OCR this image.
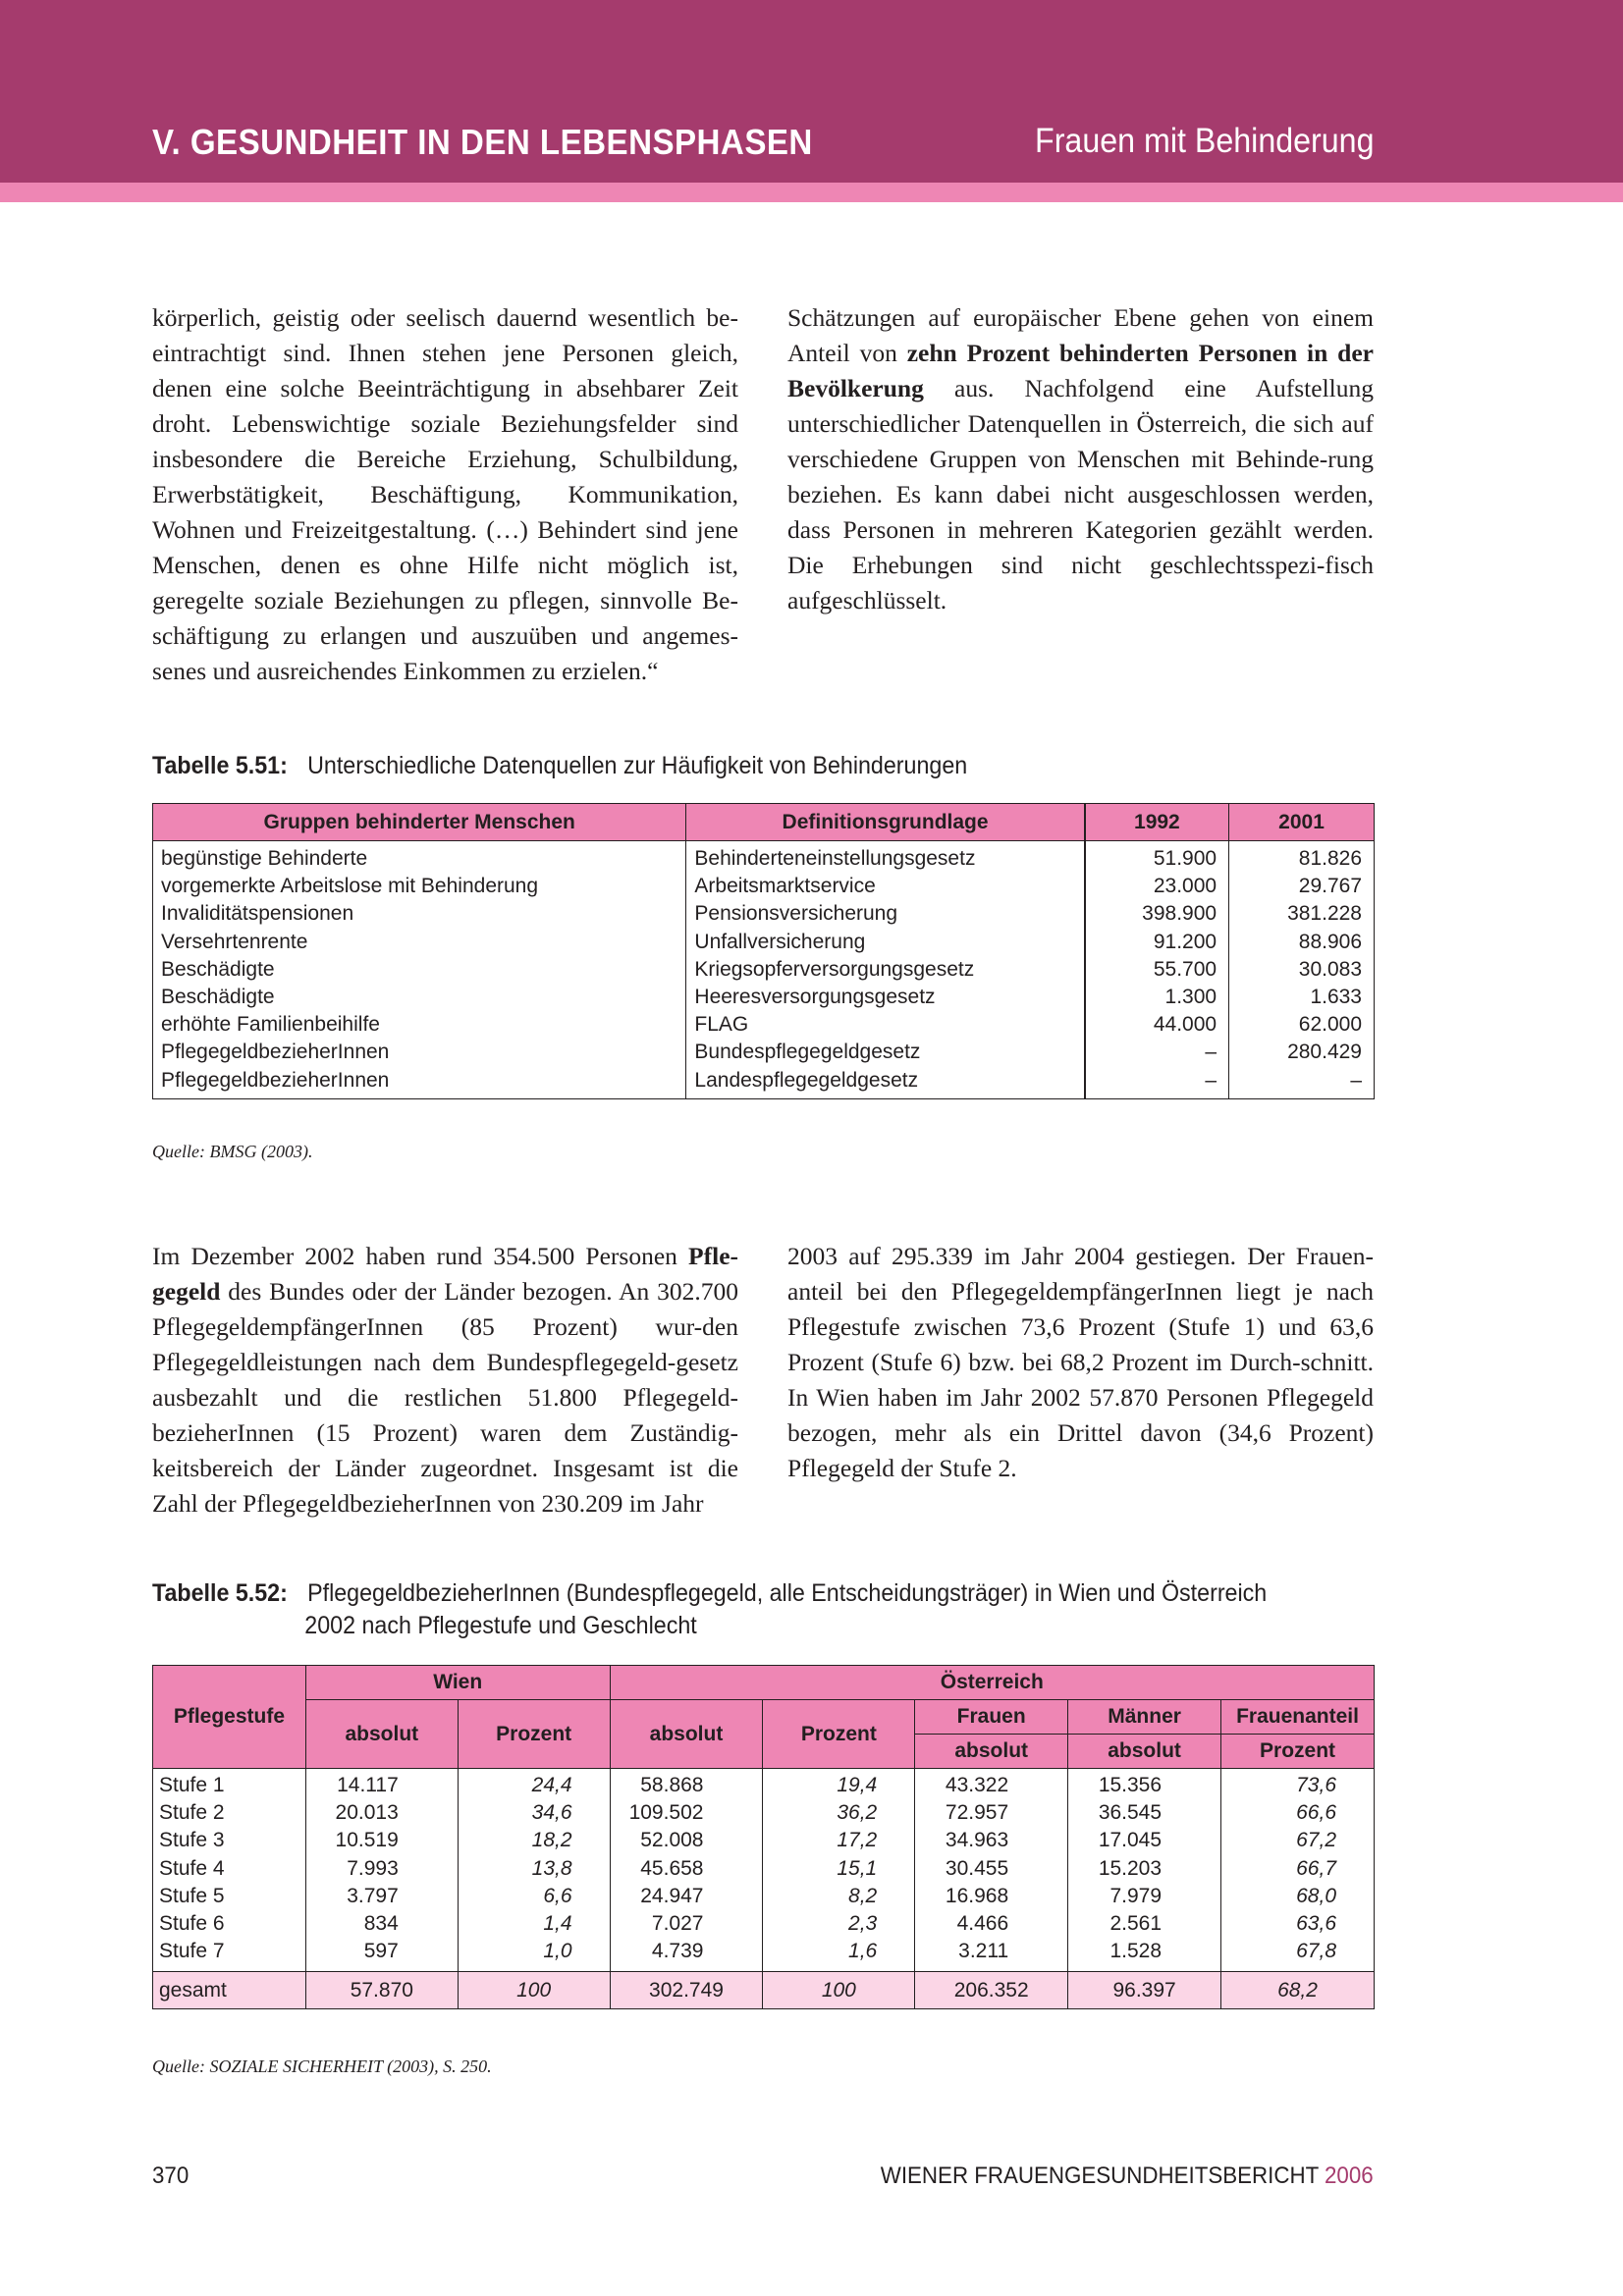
V. GESUNDHEIT IN DEN LEBENSPHASEN	Frauen mit Behinderung

körperlich, geistig oder seelisch dauernd wesentlich be-eintrachtigt sind. Ihnen stehen jene Personen gleich, denen eine solche Beeinträchtigung in absehbarer Zeit droht. Lebenswichtige soziale Beziehungsfelder sind insbesondere die Bereiche Erziehung, Schulbildung, Erwerbstätigkeit, Beschäftigung, Kommunikation, Wohnen und Freizeitgestaltung. (…) Behindert sind jene Menschen, denen es ohne Hilfe nicht möglich ist, geregelte soziale Beziehungen zu pflegen, sinnvolle Be-schäftigung zu erlangen und auszuüben und angemes-senes und ausreichendes Einkommen zu erzielen.“

Schätzungen auf europäischer Ebene gehen von einem Anteil von zehn Prozent behinderten Personen in der Bevölkerung aus. Nachfolgend eine Aufstellung unterschiedlicher Datenquellen in Österreich, die sich auf verschiedene Gruppen von Menschen mit Behinde-rung beziehen. Es kann dabei nicht ausgeschlossen werden, dass Personen in mehreren Kategorien gezählt werden. Die Erhebungen sind nicht geschlechtsspezi-fisch aufgeschlüsselt.

Tabelle 5.51: Unterschiedliche Datenquellen zur Häufigkeit von Behinderungen
Gruppen behinderter Menschen	Definitionsgrundlage	1992	2001
begünstige Behinderte	Behinderteneinstellungsgesetz	51.900	81.826
vorgemerkte Arbeitslose mit Behinderung	Arbeitsmarktservice	23.000	29.767
Invaliditätspensionen	Pensionsversicherung	398.900	381.228
Versehrtenrente	Unfallversicherung	91.200	88.906
Beschädigte	Kriegsopferversorgungsgesetz	55.700	30.083
Beschädigte	Heeresversorgungsgesetz	1.300	1.633
erhöhte Familienbeihilfe	FLAG	44.000	62.000
PflegegeldbezieherInnen	Bundespflegegeldgesetz	–	280.429
PflegegeldbezieherInnen	Landespflegegeldgesetz	–	–
Quelle: BMSG (2003).

Im Dezember 2002 haben rund 354.500 Personen Pfle-gegeld des Bundes oder der Länder bezogen. An 302.700 PflegegeldempfängerInnen (85 Prozent) wur-den Pflegegeldleistungen nach dem Bundespflegegeld-gesetz ausbezahlt und die restlichen 51.800 Pflegegeld-bezieherInnen (15 Prozent) waren dem Zuständig-keitsbereich der Länder zugeordnet. Insgesamt ist die Zahl der PflegegeldbezieherInnen von 230.209 im Jahr

2003 auf 295.339 im Jahr 2004 gestiegen. Der Frauen-anteil bei den PflegegeldempfängerInnen liegt je nach Pflegestufe zwischen 73,6 Prozent (Stufe 1) und 63,6 Prozent (Stufe 6) bzw. bei 68,2 Prozent im Durch-schnitt. In Wien haben im Jahr 2002 57.870 Personen Pflegegeld bezogen, mehr als ein Drittel davon (34,6 Prozent) Pflegegeld der Stufe 2.

Tabelle 5.52: PflegegeldbezieherInnen (Bundespflegegeld, alle Entscheidungsträger) in Wien und Österreich
2002 nach Pflegestufe und Geschlecht
Pflegestufe	Wien		Österreich				
	absolut	Prozent	absolut	Prozent	Frauen	Männer	Frauenanteil
					absolut	absolut	Prozent
Stufe 1	14.117	24,4	58.868	19,4	43.322	15.356	73,6
Stufe 2	20.013	34,6	109.502	36,2	72.957	36.545	66,6
Stufe 3	10.519	18,2	52.008	17,2	34.963	17.045	67,2
Stufe 4	7.993	13,8	45.658	15,1	30.455	15.203	66,7
Stufe 5	3.797	6,6	24.947	8,2	16.968	7.979	68,0
Stufe 6	834	1,4	7.027	2,3	4.466	2.561	63,6
Stufe 7	597	1,0	4.739	1,6	3.211	1.528	67,8
gesamt	57.870	100	302.749	100	206.352	96.397	68,2
Quelle: SOZIALE SICHERHEIT (2003), S. 250.
370	WIENER FRAUENGESUNDHEITSBERICHT 2006
